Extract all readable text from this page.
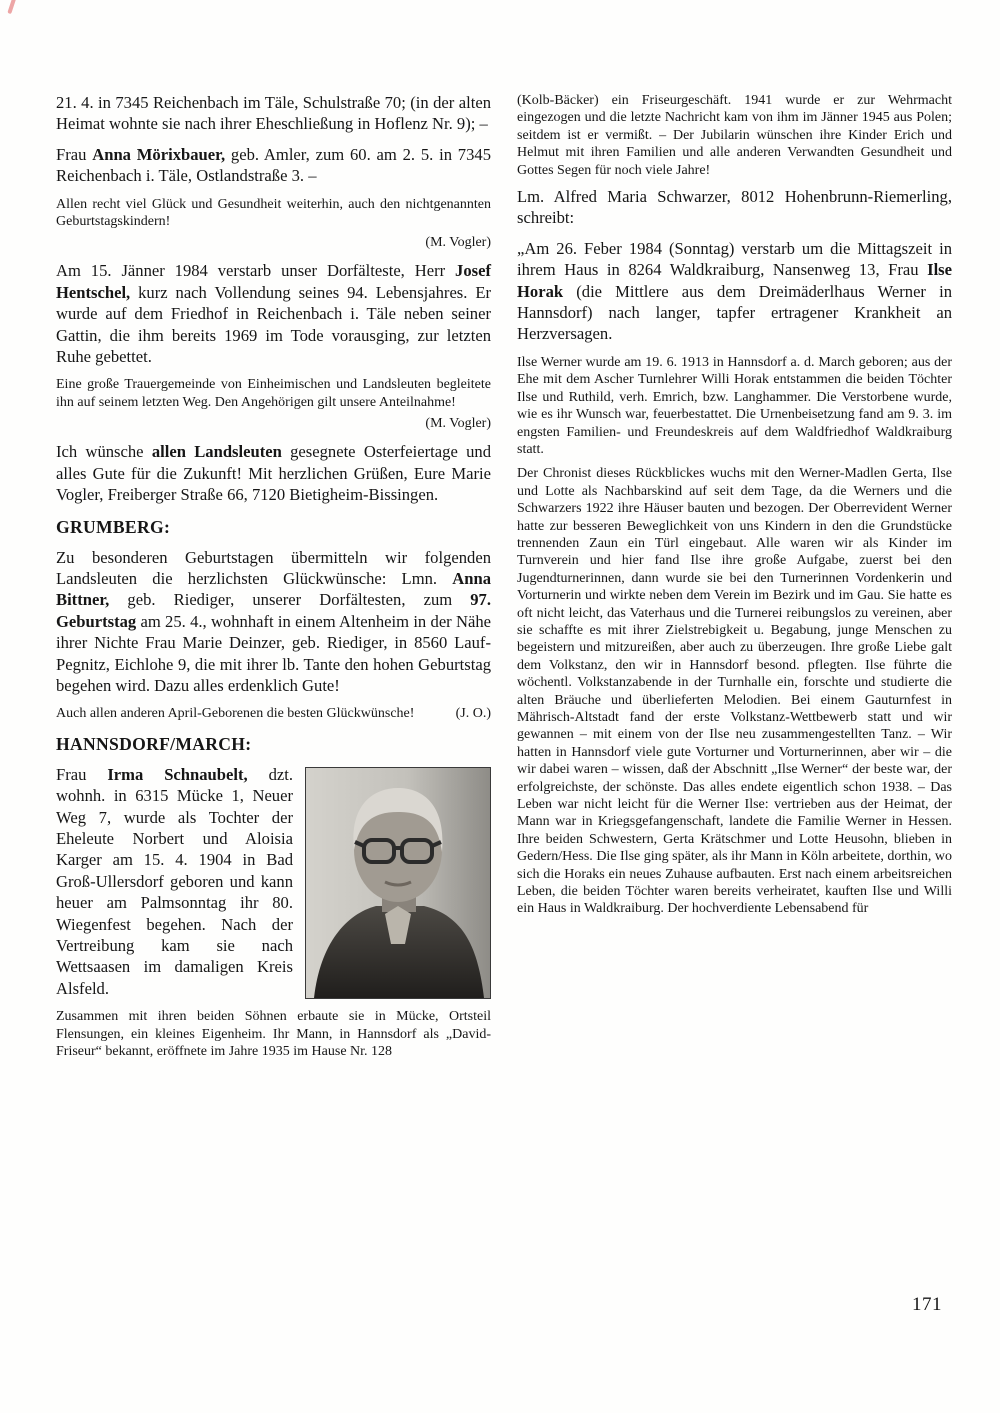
21. 4. in 7345 Reichenbach im Täle, Schulstraße 70; (in der alten Heimat wohnte sie nach ihrer Eheschließung in Hoflenz Nr. 9); –

Frau Anna Mörixbauer, geb. Amler, zum 60. am 2. 5. in 7345 Reichenbach i. Täle, Ostlandstraße 3. –

Allen recht viel Glück und Gesundheit weiterhin, auch den nichtgenannten Geburtstagskindern!

(M. Vogler)

Am 15. Jänner 1984 verstarb unser Dorfälteste, Herr Josef Hentschel, kurz nach Vollendung seines 94. Lebensjahres. Er wurde auf dem Friedhof in Reichenbach i. Täle neben seiner Gattin, die ihm bereits 1969 im Tode vorausging, zur letzten Ruhe gebettet.

Eine große Trauergemeinde von Einheimischen und Landsleuten begleitete ihn auf seinem letzten Weg. Den Angehörigen gilt unsere Anteilnahme!

(M. Vogler)

Ich wünsche allen Landsleuten gesegnete Osterfeiertage und alles Gute für die Zukunft! Mit herzlichen Grüßen, Eure Marie Vogler, Freiberger Straße 66, 7120 Bietigheim-Bissingen.

GRUMBERG:

Zu besonderen Geburtstagen übermitteln wir folgenden Landsleuten die herzlichsten Glückwünsche: Lmn. Anna Bittner, geb. Riediger, unserer Dorfältesten, zum 97. Geburtstag am 25. 4., wohnhaft in einem Altenheim in der Nähe ihrer Nichte Frau Marie Deinzer, geb. Riediger, in 8560 Lauf-Pegnitz, Eichlohe 9, die mit ihrer lb. Tante den hohen Geburtstag begehen wird. Dazu alles erdenklich Gute!

Auch allen anderen April-Geborenen die besten Glückwünsche!	(J. O.)

HANNSDORF/MARCH:

Frau Irma Schnaubelt, dzt. wohnh. in 6315 Mücke 1, Neuer Weg 7, wurde als Tochter der Eheleute Norbert und Aloisia Karger am 15. 4. 1904 in Bad Groß-Ullersdorf geboren und kann heuer am Palmsonntag ihr 80. Wiegenfest begehen. Nach der Vertreibung kam sie nach Wettsaasen im damaligen Kreis Alsfeld.

Zusammen mit ihren beiden Söhnen erbaute sie in Mücke, Ortsteil Flensungen, ein kleines Eigenheim. Ihr Mann, in Hannsdorf als „David-Friseur“ bekannt, eröffnete im Jahre 1935 im Hause Nr. 128

(Kolb-Bäcker) ein Friseurgeschäft. 1941 wurde er zur Wehrmacht eingezogen und die letzte Nachricht kam von ihm im Jänner 1945 aus Polen; seitdem ist er vermißt. – Der Jubilarin wünschen ihre Kinder Erich und Helmut mit ihren Familien und alle anderen Verwandten Gesundheit und Gottes Segen für noch viele Jahre!

Lm. Alfred Maria Schwarzer, 8012 Hohenbrunn-Riemerling, schreibt:

„Am 26. Feber 1984 (Sonntag) verstarb um die Mittagszeit in ihrem Haus in 8264 Waldkraiburg, Nansenweg 13, Frau Ilse Horak (die Mittlere aus dem Dreimäderlhaus Werner in Hannsdorf) nach langer, tapfer ertragener Krankheit an Herzversagen.

Ilse Werner wurde am 19. 6. 1913 in Hannsdorf a. d. March geboren; aus der Ehe mit dem Ascher Turnlehrer Willi Horak entstammen die beiden Töchter Ilse und Ruthild, verh. Emrich, bzw. Langhammer. Die Verstorbene wurde, wie es ihr Wunsch war, feuerbestattet. Die Urnenbeisetzung fand am 9. 3. im engsten Familien- und Freundeskreis auf dem Waldfriedhof Waldkraiburg statt.

Der Chronist dieses Rückblickes wuchs mit den Werner-Madlen Gerta, Ilse und Lotte als Nachbarskind auf seit dem Tage, da die Werners und die Schwarzers 1922 ihre Häuser bauten und bezogen. Der Oberrevident Werner hatte zur besseren Beweglichkeit von uns Kindern in den die Grundstücke trennenden Zaun ein Türl eingebaut. Alle waren wir als Kinder im Turnverein und hier fand Ilse ihre große Aufgabe, zuerst bei den Jugendturnerinnen, dann wurde sie bei den Turnerinnen Vordenkerin und Vorturnerin und wirkte neben dem Verein im Bezirk und im Gau. Sie hatte es oft nicht leicht, das Vaterhaus und die Turnerei reibungslos zu vereinen, aber sie schaffte es mit ihrer Zielstrebigkeit u. Begabung, junge Menschen zu begeistern und mitzureißen, aber auch zu überzeugen. Ihre große Liebe galt dem Volkstanz, den wir in Hannsdorf besond. pflegten. Ilse führte die wöchentl. Volkstanzabende in der Turnhalle ein, forschte und studierte die alten Bräuche und überlieferten Melodien. Bei einem Gauturnfest in Mährisch-Altstadt fand der erste Volkstanz-Wettbewerb statt und wir gewannen – mit einem von der Ilse neu zusammengestellten Tanz. – Wir hatten in Hannsdorf viele gute Vorturner und Vorturnerinnen, aber wir – die wir dabei waren – wissen, daß der Abschnitt „Ilse Werner“ der beste war, der erfolgreichste, der schönste. Das alles endete eigentlich schon 1938. – Das Leben war nicht leicht für die Werner Ilse: vertrieben aus der Heimat, der Mann war in Kriegsgefangenschaft, landete die Familie Werner in Hessen. Ihre beiden Schwestern, Gerta Krätschmer und Lotte Heusohn, blieben in Gedern/Hess. Die Ilse ging später, als ihr Mann in Köln arbeitete, dorthin, wo sich die Horaks ein neues Zuhause aufbauten. Erst nach einem arbeitsreichen Leben, die beiden Töchter waren bereits verheiratet, kauften Ilse und Willi ein Haus in Waldkraiburg. Der hochverdiente Lebensabend für

171
